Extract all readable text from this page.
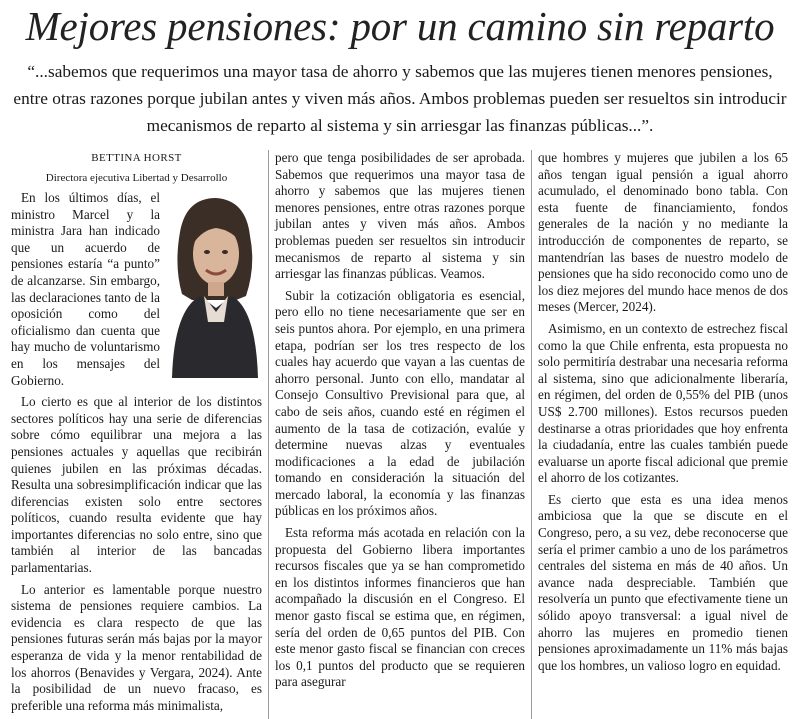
Mejores pensiones: por un camino sin reparto
“...sabemos que requerimos una mayor tasa de ahorro y sabemos que las mujeres tienen menores pensiones, entre otras razones porque jubilan antes y viven más años. Ambos problemas pueden ser resueltos sin introducir mecanismos de reparto al sistema y sin arriesgar las finanzas públicas...”.

BETTINA HORST

Directora ejecutiva Libertad y Desarrollo

En los últimos días, el ministro Marcel y la ministra Jara han indicado que un acuerdo de pensiones estaría “a punto” de alcanzarse. Sin embargo, las declaraciones tanto de la oposición como del oficialismo dan cuenta que hay mucho de voluntarismo en los mensajes del Gobierno.

Lo cierto es que al interior de los distintos sectores políticos hay una serie de diferencias sobre cómo equilibrar una mejora a las pensiones actuales y aquellas que recibirán quienes jubilen en las próximas décadas. Resulta una sobresimplificación indicar que las diferencias existen solo entre sectores políticos, cuando resulta evidente que hay importantes diferencias no solo entre, sino que también al interior de las bancadas parlamentarias.

Lo anterior es lamentable porque nuestro sistema de pensiones requiere cambios. La evidencia es clara respecto de que las pensiones futuras serán más bajas por la mayor esperanza de vida y la menor rentabilidad de los ahorros (Benavides y Vergara, 2024). Ante la posibilidad de un nuevo fracaso, es preferible una reforma más minimalista,

pero que tenga posibilidades de ser aprobada. Sabemos que requerimos una mayor tasa de ahorro y sabemos que las mujeres tienen menores pensiones, entre otras razones porque jubilan antes y viven más años. Ambos problemas pueden ser resueltos sin introducir mecanismos de reparto al sistema y sin arriesgar las finanzas públicas. Veamos.

Subir la cotización obligatoria es esencial, pero ello no tiene necesariamente que ser en seis puntos ahora. Por ejemplo, en una primera etapa, podrían ser los tres respecto de los cuales hay acuerdo que vayan a las cuentas de ahorro personal. Junto con ello, mandatar al Consejo Consultivo Previsional para que, al cabo de seis años, cuando esté en régimen el aumento de la tasa de cotización, evalúe y determine nuevas alzas y eventuales modificaciones a la edad de jubilación tomando en consideración la situación del mercado laboral, la economía y las finanzas públicas en los próximos años.

Esta reforma más acotada en relación con la propuesta del Gobierno libera importantes recursos fiscales que ya se han comprometido en los distintos informes financieros que han acompañado la discusión en el Congreso. El menor gasto fiscal se estima que, en régimen, sería del orden de 0,65 puntos del PIB. Con este menor gasto fiscal se financian con creces los 0,1 puntos del producto que se requieren para asegurar

que hombres y mujeres que jubilen a los 65 años tengan igual pensión a igual ahorro acumulado, el denominado bono tabla. Con esta fuente de financiamiento, fondos generales de la nación y no mediante la introducción de componentes de reparto, se mantendrían las bases de nuestro modelo de pensiones que ha sido reconocido como uno de los diez mejores del mundo hace menos de dos meses (Mercer, 2024).

Asimismo, en un contexto de estrechez fiscal como la que Chile enfrenta, esta propuesta no solo permitiría destrabar una necesaria reforma al sistema, sino que adicionalmente liberaría, en régimen, del orden de 0,55% del PIB (unos US$ 2.700 millones). Estos recursos pueden destinarse a otras prioridades que hoy enfrenta la ciudadanía, entre las cuales también puede evaluarse un aporte fiscal adicional que premie el ahorro de los cotizantes.

Es cierto que esta es una idea menos ambiciosa que la que se discute en el Congreso, pero, a su vez, debe reconocerse que sería el primer cambio a uno de los parámetros centrales del sistema en más de 40 años. Un avance nada despreciable. También que resolvería un punto que efectivamente tiene un sólido apoyo transversal: a igual nivel de ahorro las mujeres en promedio tienen pensiones aproximadamente un 11% más bajas que los hombres, un valioso logro en equidad.
